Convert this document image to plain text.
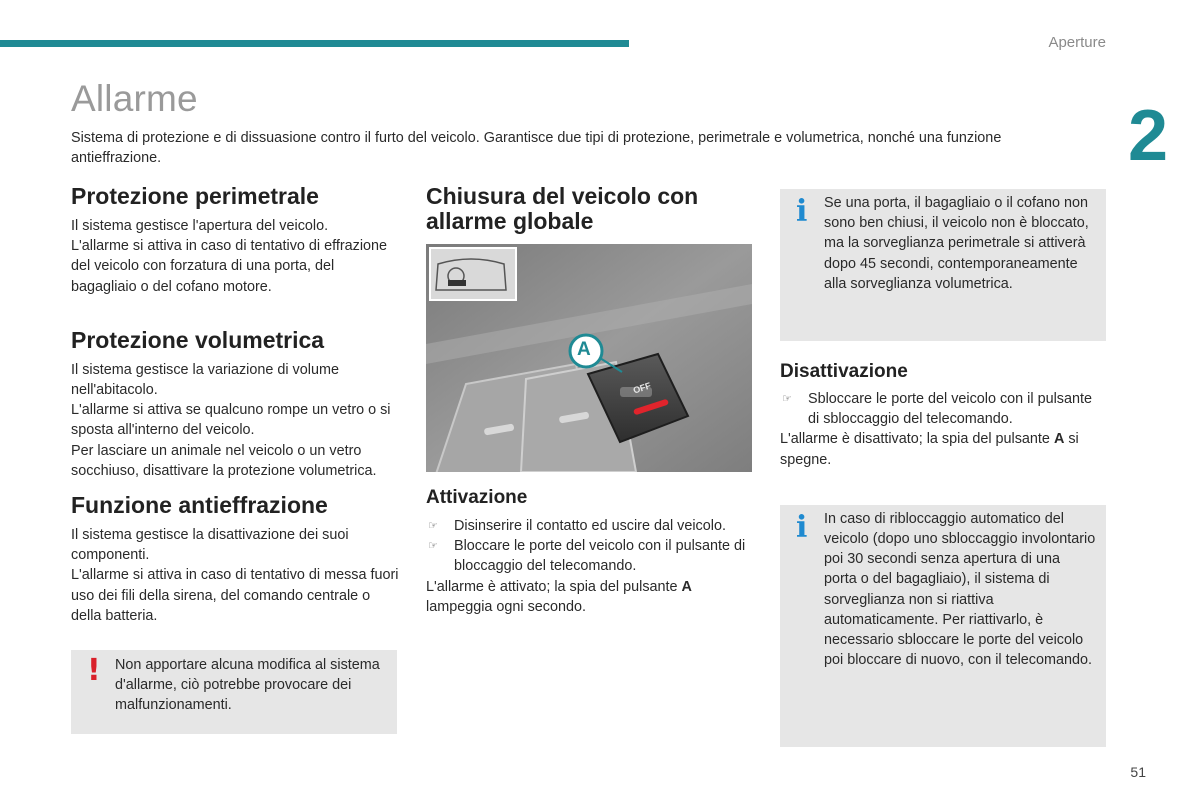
Aperture
2
Allarme

Sistema di protezione e di dissuasione contro il furto del veicolo. Garantisce due tipi di protezione, perimetrale e volumetrica, nonché una funzione antieffrazione.

Protezione perimetrale

Il sistema gestisce l'apertura del veicolo.
L'allarme si attiva in caso di tentativo di effrazione del veicolo con forzatura di una porta, del bagagliaio o del cofano motore.

Protezione volumetrica

Il sistema gestisce la variazione di volume nell'abitacolo.
L'allarme si attiva se qualcuno rompe un vetro o si sposta all'interno del veicolo.
Per lasciare un animale nel veicolo o un vetro socchiuso, disattivare la protezione volumetrica.

Funzione antieffrazione

Il sistema gestisce la disattivazione dei suoi componenti.
L'allarme si attiva in caso di tentativo di messa fuori uso dei fili della sirena, del comando centrale o della batteria.

! Non apportare alcuna modifica al sistema d'allarme, ciò potrebbe provocare dei malfunzionamenti.
Chiusura del veicolo con allarme globale
A
OFF
Attivazione
☞ Disinserire il contatto ed uscire dal veicolo.
☞ Bloccare le porte del veicolo con il pulsante di bloccaggio del telecomando.

L'allarme è attivato; la spia del pulsante A lampeggia ogni secondo.

i Se una porta, il bagagliaio o il cofano non sono ben chiusi, il veicolo non è bloccato, ma la sorveglianza perimetrale si attiverà dopo 45 secondi, contemporaneamente alla sorveglianza volumetrica.
Disattivazione
☞ Sbloccare le porte del veicolo con il pulsante di sbloccaggio del telecomando.

L'allarme è disattivato; la spia del pulsante A si spegne.

i In caso di ribloccaggio automatico del veicolo (dopo uno sbloccaggio involontario poi 30 secondi senza apertura di una porta o del bagagliaio), il sistema di sorveglianza non si riattiva automaticamente. Per riattivarlo, è necessario sbloccare le porte del veicolo poi bloccare di nuovo, con il telecomando.
51
